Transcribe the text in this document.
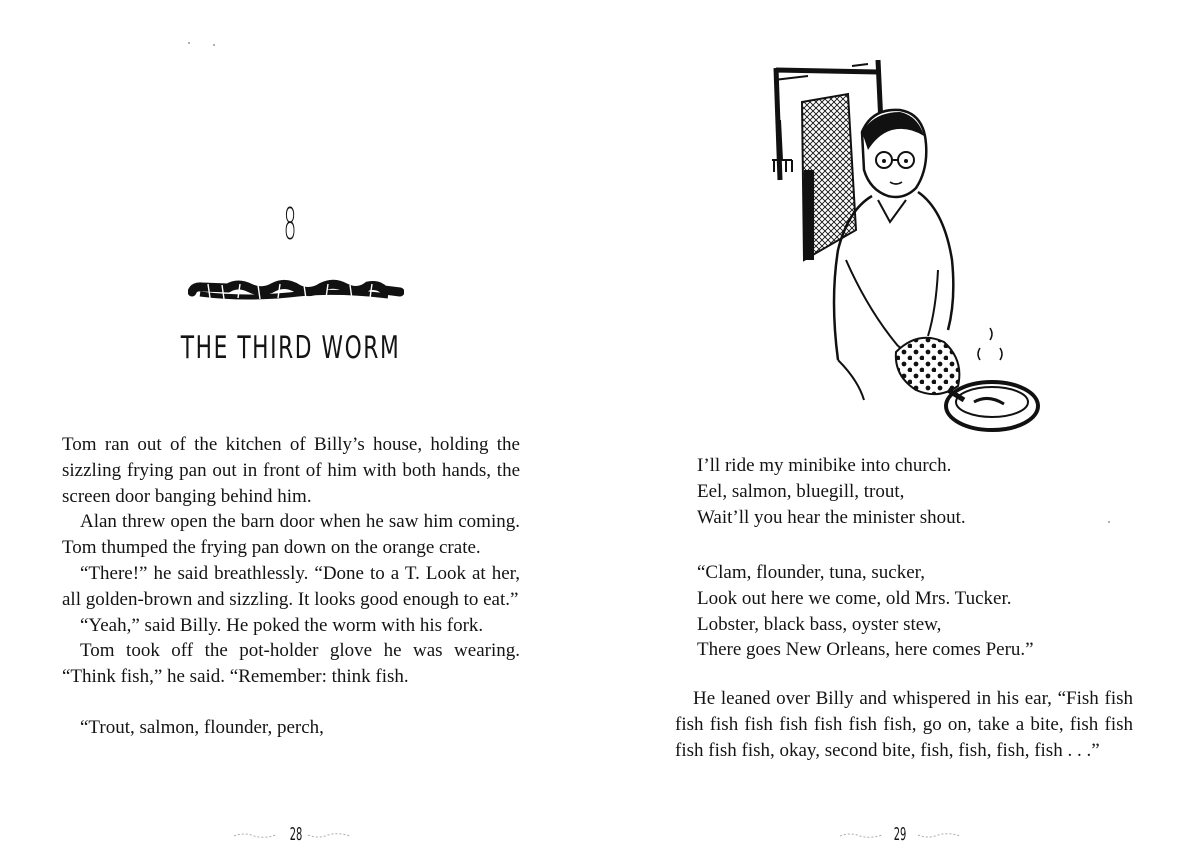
8
THE THIRD WORM

Tom ran out of the kitchen of Billy’s house, holding the sizzling frying pan out in front of him with both hands, the screen door banging behind him.

Alan threw open the barn door when he saw him coming. Tom thumped the frying pan down on the orange crate.

“There!” he said breathlessly. “Done to a T. Look at her, all golden-brown and sizzling. It looks good enough to eat.”

“Yeah,” said Billy. He poked the worm with his fork.

Tom took off the pot-holder glove he was wearing. “Think fish,” he said. “Remember: think fish.

“Trout, salmon, flounder, perch,

28
I’ll ride my minibike into church.
Eel, salmon, bluegill, trout,
Wait’ll you hear the minister shout.
“Clam, flounder, tuna, sucker,
Look out here we come, old Mrs. Tucker.
Lobster, black bass, oyster stew,
There goes New Orleans, here comes Peru.”

He leaned over Billy and whispered in his ear, “Fish fish fish fish fish fish fish fish fish, go on, take a bite, fish fish fish fish fish, okay, second bite, fish, fish, fish, fish . . .”

29
